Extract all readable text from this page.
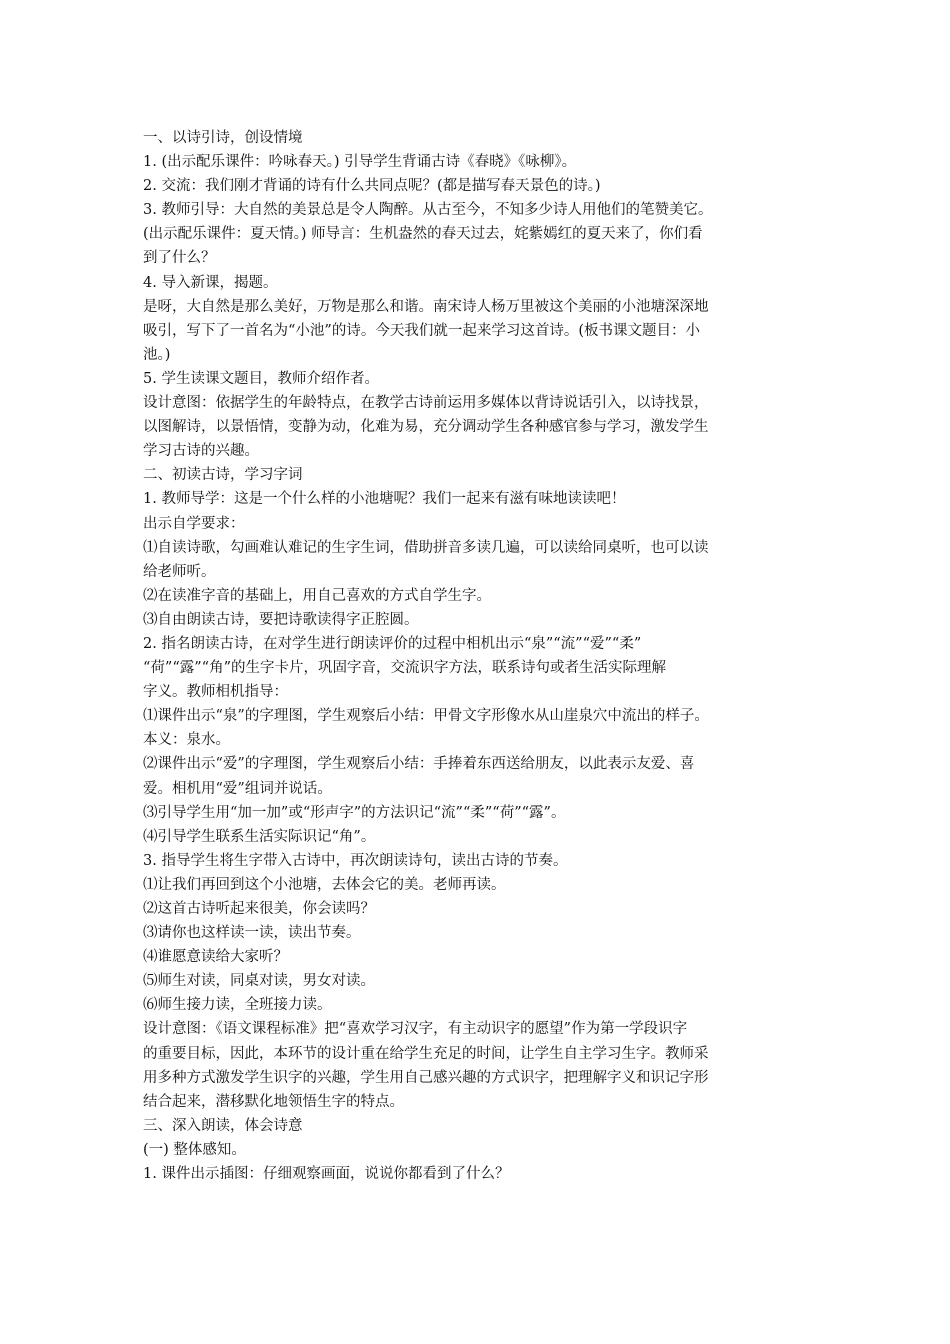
一、以诗引诗，创设情境
1. (出示配乐课件：吟咏春天。) 引导学生背诵古诗《春晓》《咏柳》。
2. 交流：我们刚才背诵的诗有什么共同点呢？(都是描写春天景色的诗。)
3. 教师引导：大自然的美景总是令人陶醉。从古至今，不知多少诗人用他们的笔赞美它。
(出示配乐课件：夏天情。) 师导言：生机盎然的春天过去，姹紫嫣红的夏天来了，你们看
到了什么？
4. 导入新课，揭题。
是呀，大自然是那么美好，万物是那么和谐。南宋诗人杨万里被这个美丽的小池塘深深地
吸引，写下了一首名为“小池”的诗。今天我们就一起来学习这首诗。(板书课文题目：小
池。)
5. 学生读课文题目，教师介绍作者。
设计意图：依据学生的年龄特点，在教学古诗前运用多媒体以背诗说话引入，以诗找景，
以图解诗，以景悟情，变静为动，化难为易，充分调动学生各种感官参与学习，激发学生
学习古诗的兴趣。
二、初读古诗，学习字词
1. 教师导学：这是一个什么样的小池塘呢？我们一起来有滋有味地读读吧！
出示自学要求：
⑴自读诗歌，勾画难认难记的生字生词，借助拼音多读几遍，可以读给同桌听，也可以读
给老师听。
⑵在读准字音的基础上，用自己喜欢的方式自学生字。
⑶自由朗读古诗，要把诗歌读得字正腔圆。
2. 指名朗读古诗，在对学生进行朗读评价的过程中相机出示“泉”“流”“爱”“柔”
“荷”“露”“角”的生字卡片，巩固字音，交流识字方法，联系诗句或者生活实际理解
字义。教师相机指导：
⑴课件出示“泉”的字理图，学生观察后小结：甲骨文字形像水从山崖泉穴中流出的样子。
本义：泉水。
⑵课件出示“爱”的字理图，学生观察后小结：手捧着东西送给朋友，以此表示友爱、喜
爱。相机用“爱”组词并说话。
⑶引导学生用“加一加”或“形声字”的方法识记“流”“柔”“荷”“露”。
⑷引导学生联系生活实际识记“角”。
3. 指导学生将生字带入古诗中，再次朗读诗句，读出古诗的节奏。
⑴让我们再回到这个小池塘，去体会它的美。老师再读。
⑵这首古诗听起来很美，你会读吗？
⑶请你也这样读一读，读出节奏。
⑷谁愿意读给大家听？
⑸师生对读，同桌对读，男女对读。
⑹师生接力读，全班接力读。
设计意图：《语文课程标准》把“喜欢学习汉字，有主动识字的愿望”作为第一学段识字
的重要目标，因此，本环节的设计重在给学生充足的时间，让学生自主学习生字。教师采
用多种方式激发学生识字的兴趣，学生用自己感兴趣的方式识字，把理解字义和识记字形
结合起来，潜移默化地领悟生字的特点。
三、深入朗读，体会诗意
(一) 整体感知。
1. 课件出示插图：仔细观察画面，说说你都看到了什么？
